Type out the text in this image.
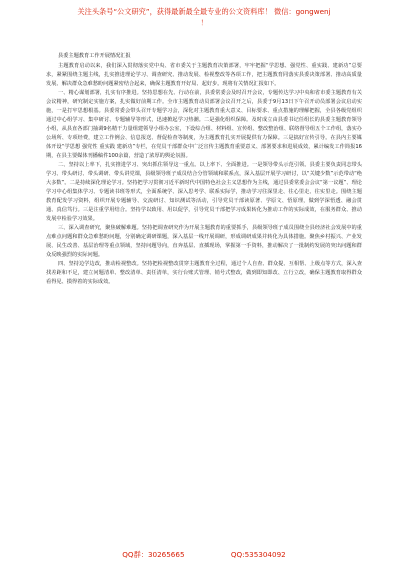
关注头条号“公文研究”，获得最新最全最专业的公文资料库！ 微信：gongwenj
！
县委主题教育工作开展情况汇报

主题教育启动以来，我们深入贯彻落实党中央、省市委关于主题教育决策部署，牢牢把握“学思想、强党性、重实践、建新功”总要求，紧紧围绕主题主线，扎实推进理论学习、调查研究、推动发展、检视整改等各项工作，把主题教育同落实县委决策部署、推动高质量发展、解决群众急难愁盼问题紧密结合起来，确保主题教育开好局、起好步。现将有关情况汇报如下。

一、精心谋划部署，扎实有序推进。坚持思想在先、行动在前，县委常委会及时召开会议，专题传达学习中央和省市委主题教育有关会议精神，研究制定实施方案，扎实做好前期工作。全市主题教育动员部署会议召开之后，县委于9月13日下午召开动员部署会议启动实施，一是打牢思想根基。县委常委会带头召开专题学习会，深化对主题教育重大意义、目标要求、重点措施的理解把握，全县各级党组织通过中心组学习、集中研讨、专题辅导等形式，迅速掀起学习热潮。二是强化组织保障。及时成立由县委书记任组长的县委主题教育领导小组，从县直各部门抽调9名精干力量组建领导小组办公室，下设综合组、材料组、宣传组、整改整治组、联络督导组五个工作组，落实办公场所、专项经费，建立工作例会、信息报送、督促检查等制度，为主题教育扎实开展提供有力保障。三是搞好宣传引导。在县内主要媒体开设“学思想 强党性 重实践 建新功”专栏，在党员干部群众中广泛宣传主题教育重要意义、部署要求和进展成效，累计编发工作简报16期，在县主要媒体刊播稿件100余篇，营造了浓厚的舆论氛围。

二、坚持以上率下，扎实推进学习、突出抓住领导这一重点。以上率下、全面推进。一是领导带头示范引领。县委主要负责同志带头学习、带头研讨、带头调研、带头讲党课，县级领导班子成员结合分管领域和联系点，深入基层开展学习研讨，以“关键少数”示范带动“绝大多数”。二是持续深化理论学习。坚持把学习贯彻习近平新时代中国特色社会主义思想作为主线，通过县委常委会会议“第一议题”、理论学习中心组集体学习、专题读书班等形式，全面系统学、深入思考学、联系实际学，推动学习往深里走、往心里走、往实里走。围绕主题教育配发学习资料，组织开展专题辅导、交流研讨、知识测试等活动，引导党员干部读原著、学原文、悟原理，做到学深悟透、融会贯通、真信笃行。三是注重学用结合。坚持学以致用、用以促学，引导党员干部把学习成果转化为推动工作的实际成效，在服务群众、推动发展中检验学习效果。

三、深入调查研究，聚焦破解难题。坚持把调查研究作为开展主题教育的重要抓手，县级领导班子成员围绕全县经济社会发展中的重点难点问题和群众急难愁盼问题，分别确定调研课题，深入基层一线开展调研，形成调研成果并转化为具体措施。聚焦乡村振兴、产业发展、民生改善、基层治理等重点领域，坚持问题导向，直奔基层、直插现场，掌握第一手资料，推动解决了一批制约发展的突出问题和群众反映强烈的实际问题。

四、坚持边学边改，推动检视整改。坚持把检视整改贯穿主题教育全过程，通过个人自查、群众提、互相帮、上级点等方式，深入查找差距和不足，建立问题清单、整改清单、责任清单，实行台账式管理、销号式整改，做到即知即改、立行立改，确保主题教育取得群众看得见、摸得着的实际成效。

QQ群：30265665	QQ:535304092
